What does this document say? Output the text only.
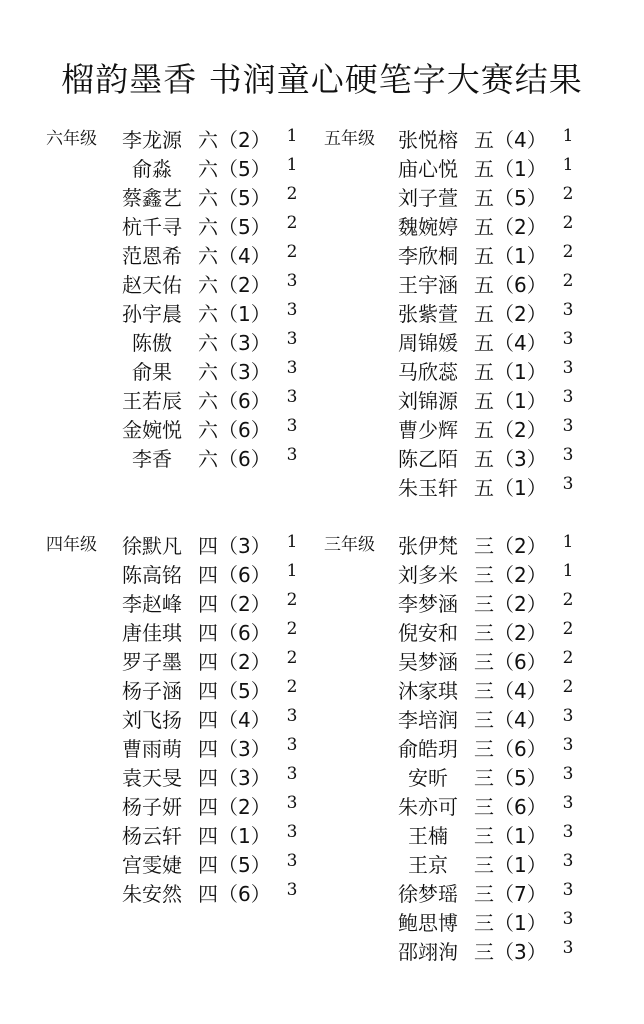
榴韵墨香 书润童心硬笔字大赛结果
六年级	李龙源 六（2） 1
俞淼	六（5） 1
蔡鑫艺 六（5） 2
杭千寻 六（5） 2
范恩希 六（4） 2
赵天佑 六（2） 3
孙宇晨 六（1） 3
陈傲	六（3） 3
俞果	六（3） 3
王若辰 六（6） 3
金婉悦 六（6） 3
李香	六（6） 3
五年级	张悦榕 五（4） 1
庙心悦 五（1） 1
刘子萱 五（5） 2
魏婉婷 五（2） 2
李欣桐 五（1） 2
王宇涵 五（6） 2
张紫萱 五（2） 3
周锦媛 五（4） 3
马欣蕊 五（1） 3
刘锦源 五（1） 3
曹少辉 五（2） 3
陈乙陌 五（3） 3
朱玉轩 五（1） 3
四年级	徐默凡 四（3） 1
陈高铭 四（6） 1
李赵峰 四（2） 2
唐佳琪 四（6） 2
罗子墨 四（2） 2
杨子涵 四（5） 2
刘飞扬 四（4） 3
曹雨萌 四（3） 3
袁天旻 四（3） 3
杨子妍 四（2） 3
杨云轩 四（1） 3
宫雯婕 四（5） 3
朱安然 四（6） 3
三年级	张伊梵 三（2） 1
刘多米 三（2） 1
李梦涵 三（2） 2
倪安和 三（2） 2
吴梦涵 三（6） 2
沐家琪 三（4） 2
李培润 三（4） 3
俞皓玥 三（6） 3
安昕	三（5） 3
朱亦可 三（6） 3
王楠	三（1） 3
王京	三（1） 3
徐梦瑶 三（7） 3
鲍思博 三（1） 3
邵翊洵 三（3） 3
